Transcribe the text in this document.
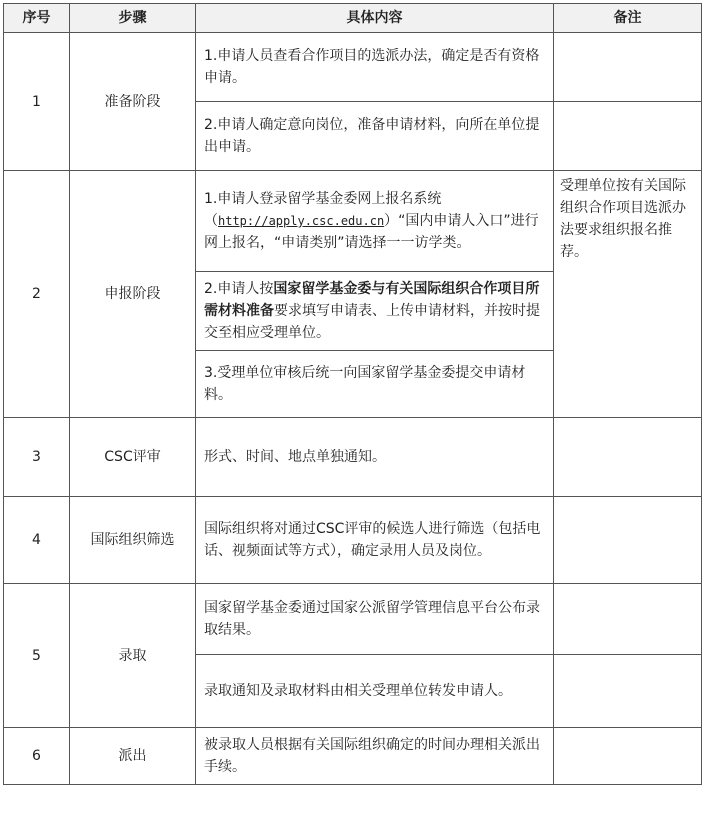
序号	步骤	具体内容	备注
1	准备阶段	1.申请人员查看合作项目的选派办法，确定是否有资格申请。	
		2.申请人确定意向岗位，准备申请材料，向所在单位提出申请。	
2	申报阶段	1.申请人登录留学基金委网上报名系统（http://apply.csc.edu.cn）“国内申请人入口”进行网上报名，“申请类别”请选择一一访学类。	受理单位按有关国际组织合作项目选派办法要求组织报名推荐。
		2.申请人按国家留学基金委与有关国际组织合作项目所需材料准备要求填写申请表、上传申请材料，并按时提交至相应受理单位。	
		3.受理单位审核后统一向国家留学基金委提交申请材料。	
3	CSC评审	形式、时间、地点单独通知。	
4	国际组织筛选	国际组织将对通过CSC评审的候选人进行筛选（包括电话、视频面试等方式），确定录用人员及岗位。	
5	录取	国家留学基金委通过国家公派留学管理信息平台公布录取结果。	
		录取通知及录取材料由相关受理单位转发申请人。	
6	派出	被录取人员根据有关国际组织确定的时间办理相关派出手续。	
